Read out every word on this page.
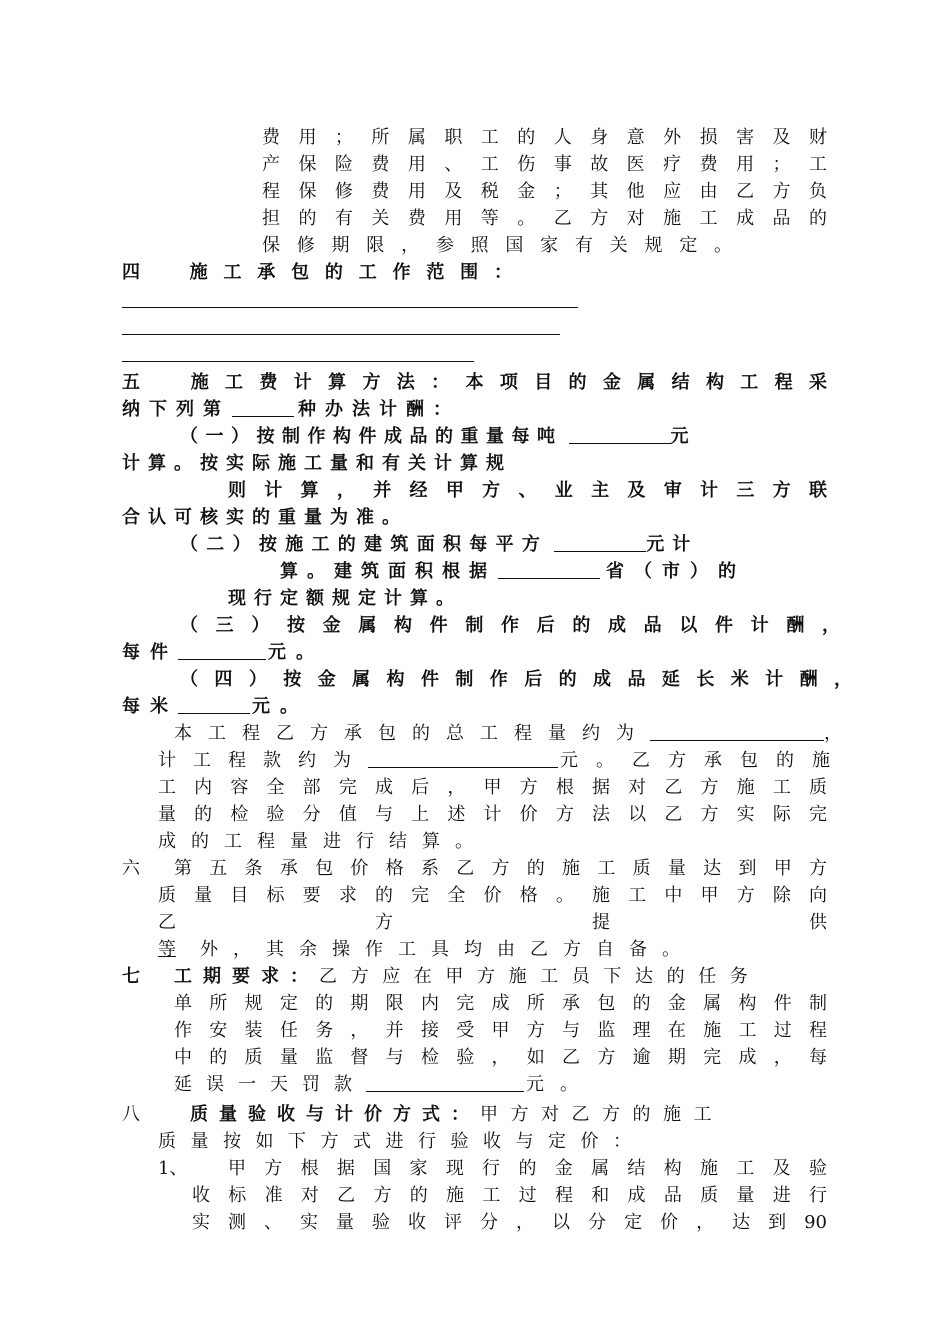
费用；所属职工的人身意外损害及财
产保险费用、工伤事故医疗费用；工
程保修费用及税金；其他应由乙方负
担的有关费用等。乙方对施工成品的
保修期限，参照国家有关规定。
四　施工承包的工作范围：
五　施工费计算方法：本项目的金属结构工程采
纳下列第	种办法计酬：
（一）按制作构件成品的重量每吨	元
计算。按实际施工量和有关计算规
则计算，并经甲方、业主及审计三方联
合认可核实的重量为准。
（二）按施工的建筑面积每平方	元计
算。建筑面积根据	省（市）的
现行定额规定计算。
（三）按金属构件制作后的成品以件计酬，
每件	元。
（四）按金属构件制作后的成品延长米计酬，
每米	元。
本工程乙方承包的总工程量约为	，
计工程款约为	元。乙方承包的施
工内容全部完成后，甲方根据对乙方施工质
量的检验分值与上述计价方法以乙方实际完
成的工程量进行结算。
六	第五条承包价格系乙方的施工质量达到甲方
质量目标要求的完全价格。施工中甲方除向
乙方提供
等 外，其余操作工具均由乙方自备。
七	工期要求：乙方应在甲方施工员下达的任务
单所规定的期限内完成所承包的金属构件制
作安装任务，并接受甲方与监理在施工过程
中的质量监督与检验，如乙方逾期完成，每
延误一天罚款	元。
八	质量验收与计价方式：甲方对乙方的施工
质量按如下方式进行验收与定价：
1、	甲方根据国家现行的金属结构施工及验
收标准对乙方的施工过程和成品质量进行
实测、实量验收评分，以分定价，达到90
